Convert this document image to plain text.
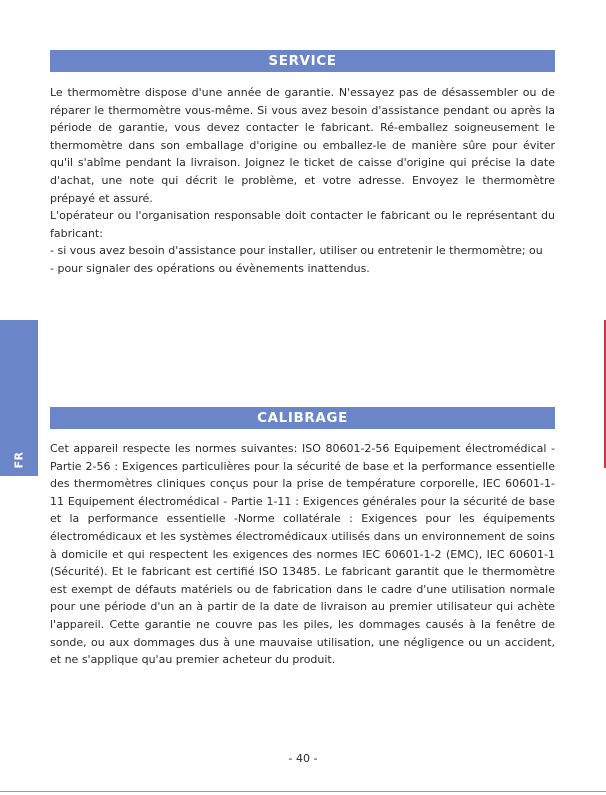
SERVICE

Le thermomètre dispose d'une année de garantie. N'essayez pas de désassembler ou de réparer le thermomètre vous-même. Si vous avez besoin d'assistance pendant ou après la période de garantie, vous devez contacter le fabricant. Ré-emballez soigneusement le thermomètre dans son emballage d'origine ou emballez-le de manière sûre pour éviter qu'il s'abîme pendant la livraison. Joignez le ticket de caisse d'origine qui précise la date d'achat, une note qui décrit le problème, et votre adresse. Envoyez le thermomètre prépayé et assuré.

L'opérateur ou l'organisation responsable doit contacter le fabricant ou le représentant du fabricant:

- si vous avez besoin d'assistance pour installer, utiliser ou entretenir le thermomètre; ou

- pour signaler des opérations ou évènements inattendus.

FR
CALIBRAGE

Cet appareil respecte les normes suivantes: ISO 80601-2-56 Equipement électromédical - Partie 2-56 : Exigences particulières pour la sécurité de base et la performance essentielle des thermomètres cliniques conçus pour la prise de température corporelle, IEC 60601-1-11 Equipement électromédical - Partie 1-11 : Exigences générales pour la sécurité de base et la performance essentielle -Norme collatérale : Exigences pour les équipements électromédicaux et les systèmes électromédicaux utilisés dans un environnement de soins à domicile et qui respectent les exigences des normes IEC 60601-1-2 (EMC), IEC 60601-1 (Sécurité). Et le fabricant est certifié ISO 13485. Le fabricant garantit que le thermomètre est exempt de défauts matériels ou de fabrication dans le cadre d'une utilisation normale pour une période d'un an à partir de la date de livraison au premier utilisateur qui achète l'appareil. Cette garantie ne couvre pas les piles, les dommages causés à la fenêtre de sonde, ou aux dommages dus à une mauvaise utilisation, une négligence ou un accident, et ne s'applique qu'au premier acheteur du produit.

- 40 -
